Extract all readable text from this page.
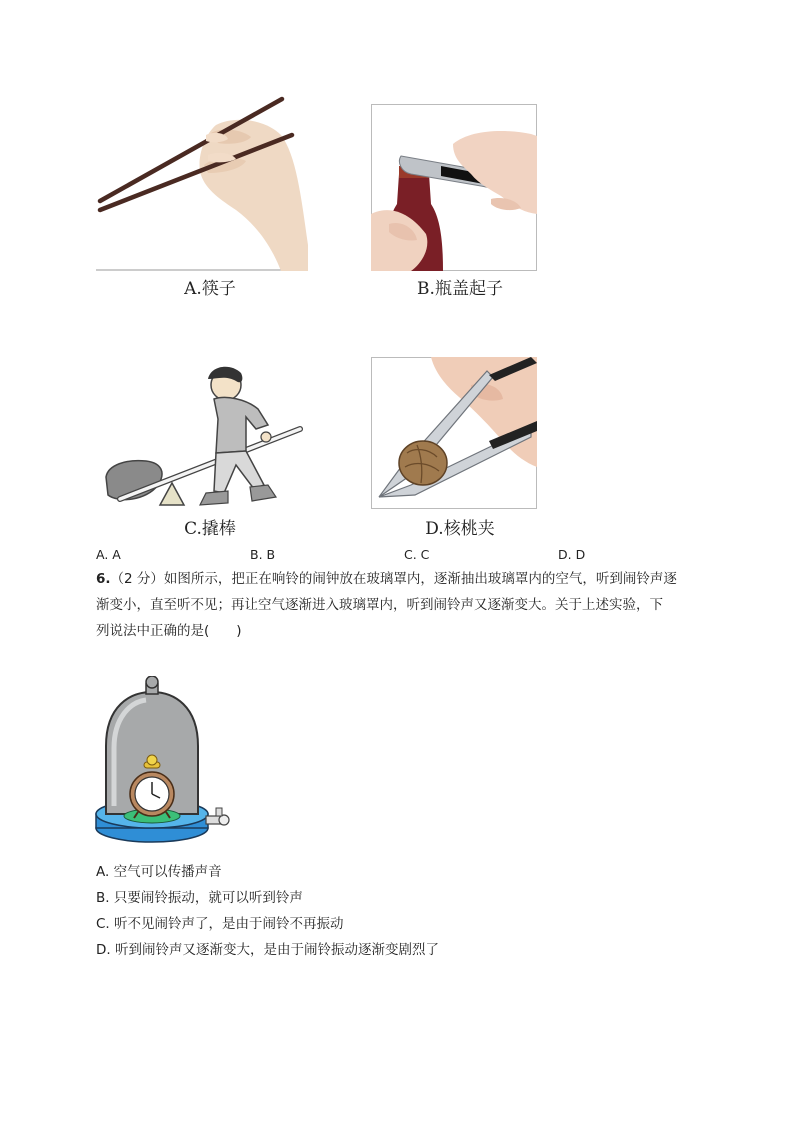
A.筷子	B.瓶盖起子
C.撬棒	D.核桃夹
A. A	B. B	C. C	D. D
6.（2 分）如图所示，把正在响铃的闹钟放在玻璃罩内，逐渐抽出玻璃罩内的空气，听到闹铃声逐
渐变小，直至听不见；再让空气逐渐进入玻璃罩内，听到闹铃声又逐渐变大。关于上述实验，下
列说法中正确的是(　　)
A. 空气可以传播声音
B. 只要闹铃振动，就可以听到铃声
C. 听不见闹铃声了，是由于闹铃不再振动
D. 听到闹铃声又逐渐变大，是由于闹铃振动逐渐变剧烈了
